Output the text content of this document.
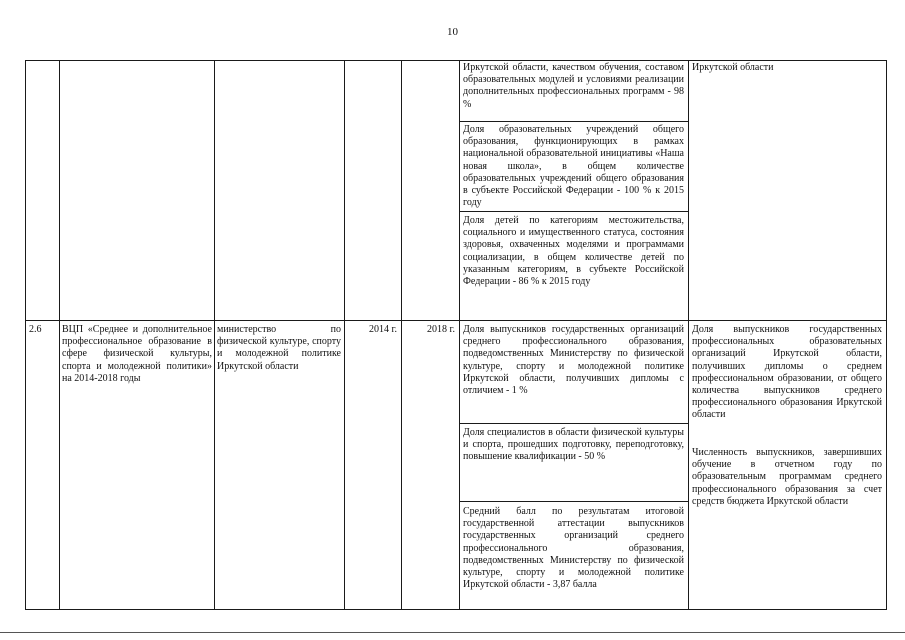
10
Иркутской области, качеством обучения, составом образовательных модулей и условиями реализации дополнительных профессиональных программ - 98 %
Доля образовательных учреждений общего образования, функционирующих в рамках национальной образовательной инициативы «Наша новая школа», в общем количестве образовательных учреждений общего образования в субъекте Российской Федерации - 100 % к 2015 году
Доля детей по категориям местожительства, социального и имущественного статуса, состояния здоровья, охваченных моделями и программами социализации, в общем количестве детей по указанным категориям, в субъекте Российской Федерации - 86 % к 2015 году
Иркутской области
2.6	ВЦП «Среднее и дополнительное профессиональное образование в сфере физической культуры, спорта и молодежной политики» на 2014-2018 годы
министерство по физической культуре, спорту и молодежной политике Иркутской области
2014 г.	2018 г. Доля выпускников государственных организаций среднего профессионального образования, подведомственных Министерству по физической культуре, спорту и молодежной политике Иркутской области, получивших дипломы с отличием - 1 %
Доля специалистов в области физической культуры и спорта, прошедших подготовку, переподготовку, повышение квалификации - 50 %
Средний балл по результатам итоговой государственной аттестации выпускников государственных организаций среднего профессионального образования, подведомственных Министерству по физической культуре, спорту и молодежной политике Иркутской области - 3,87 балла
Доля выпускников государственных профессиональных образовательных организаций Иркутской области, получивших дипломы о среднем профессиональном образовании, от общего количества выпускников среднего профессионального образования Иркутской области
Численность выпускников, завершивших обучение в отчетном году по образовательным программам среднего профессионального образования за счет средств бюджета Иркутской области
